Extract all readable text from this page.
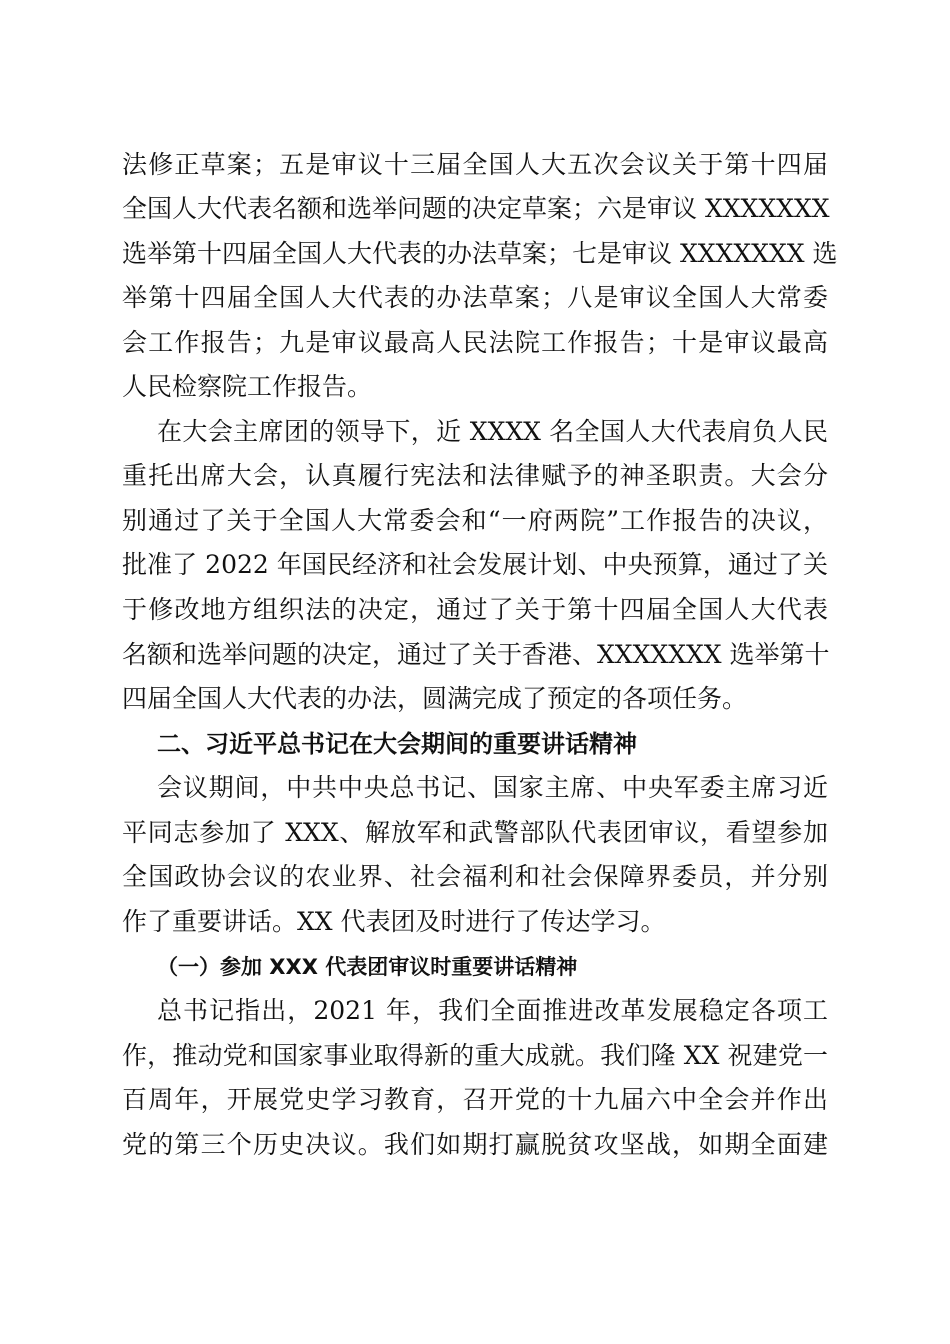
法修正草案；五是审议十三届全国人大五次会议关于第十四届
全国人大代表名额和选举问题的决定草案；六是审议 XXXXXXX
选举第十四届全国人大代表的办法草案；七是审议 XXXXXXX 选
举第十四届全国人大代表的办法草案；八是审议全国人大常委
会工作报告；九是审议最高人民法院工作报告；十是审议最高
人民检察院工作报告。
在大会主席团的领导下，近 XXXX 名全国人大代表肩负人民
重托出席大会，认真履行宪法和法律赋予的神圣职责。大会分
别通过了关于全国人大常委会和“一府两院”工作报告的决议，
批准了 2022 年国民经济和社会发展计划、中央预算，通过了关
于修改地方组织法的决定，通过了关于第十四届全国人大代表
名额和选举问题的决定，通过了关于香港、XXXXXXX 选举第十
四届全国人大代表的办法，圆满完成了预定的各项任务。
二、习近平总书记在大会期间的重要讲话精神
会议期间，中共中央总书记、国家主席、中央军委主席习近
平同志参加了 XXX、解放军和武警部队代表团审议，看望参加
全国政协会议的农业界、社会福利和社会保障界委员，并分别
作了重要讲话。XX 代表团及时进行了传达学习。
（一）参加 XXX 代表团审议时重要讲话精神
总书记指出，2021 年，我们全面推进改革发展稳定各项工
作，推动党和国家事业取得新的重大成就。我们隆 XX 祝建党一
百周年，开展党史学习教育，召开党的十九届六中全会并作出
党的第三个历史决议。我们如期打赢脱贫攻坚战，如期全面建
